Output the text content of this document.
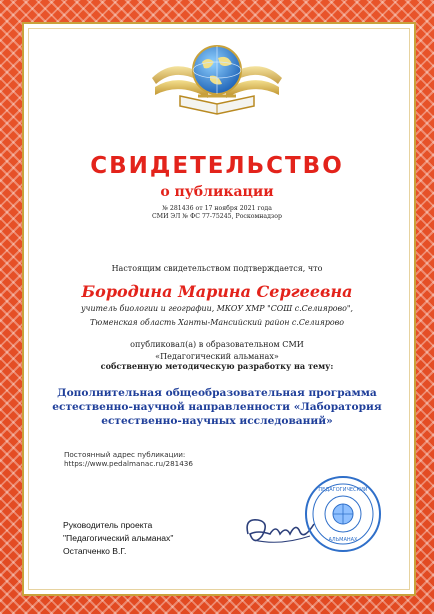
СВИДЕТЕЛЬСТВО
о публикации
№ 281436 от 17 ноября 2021 года
СМИ ЭЛ № ФС 77-75245, Роскомнадзор
Настоящим свидетельством подтверждается, что
Бородина Марина Сергеевна
учитель биологии и географии, МКОУ ХМР "СОШ с.Селиярово",
Тюменская область Ханты-Мансийский район с.Селиярово
опубликовал(а) в образовательном СМИ
«Педагогический альманах»
собственную методическую разработку на тему:
Дополнительная общеобразовательная программа
естественно-научной направленности «Лаборатория
естественно-научных исследований»
Постоянный адрес публикации:
https://www.pedalmanac.ru/281436
Руководитель проекта
"Педагогический альманах"
Остапченко В.Г.
ПЕДАГОГИЧЕСКИЙ
АЛЬМАНАХ
